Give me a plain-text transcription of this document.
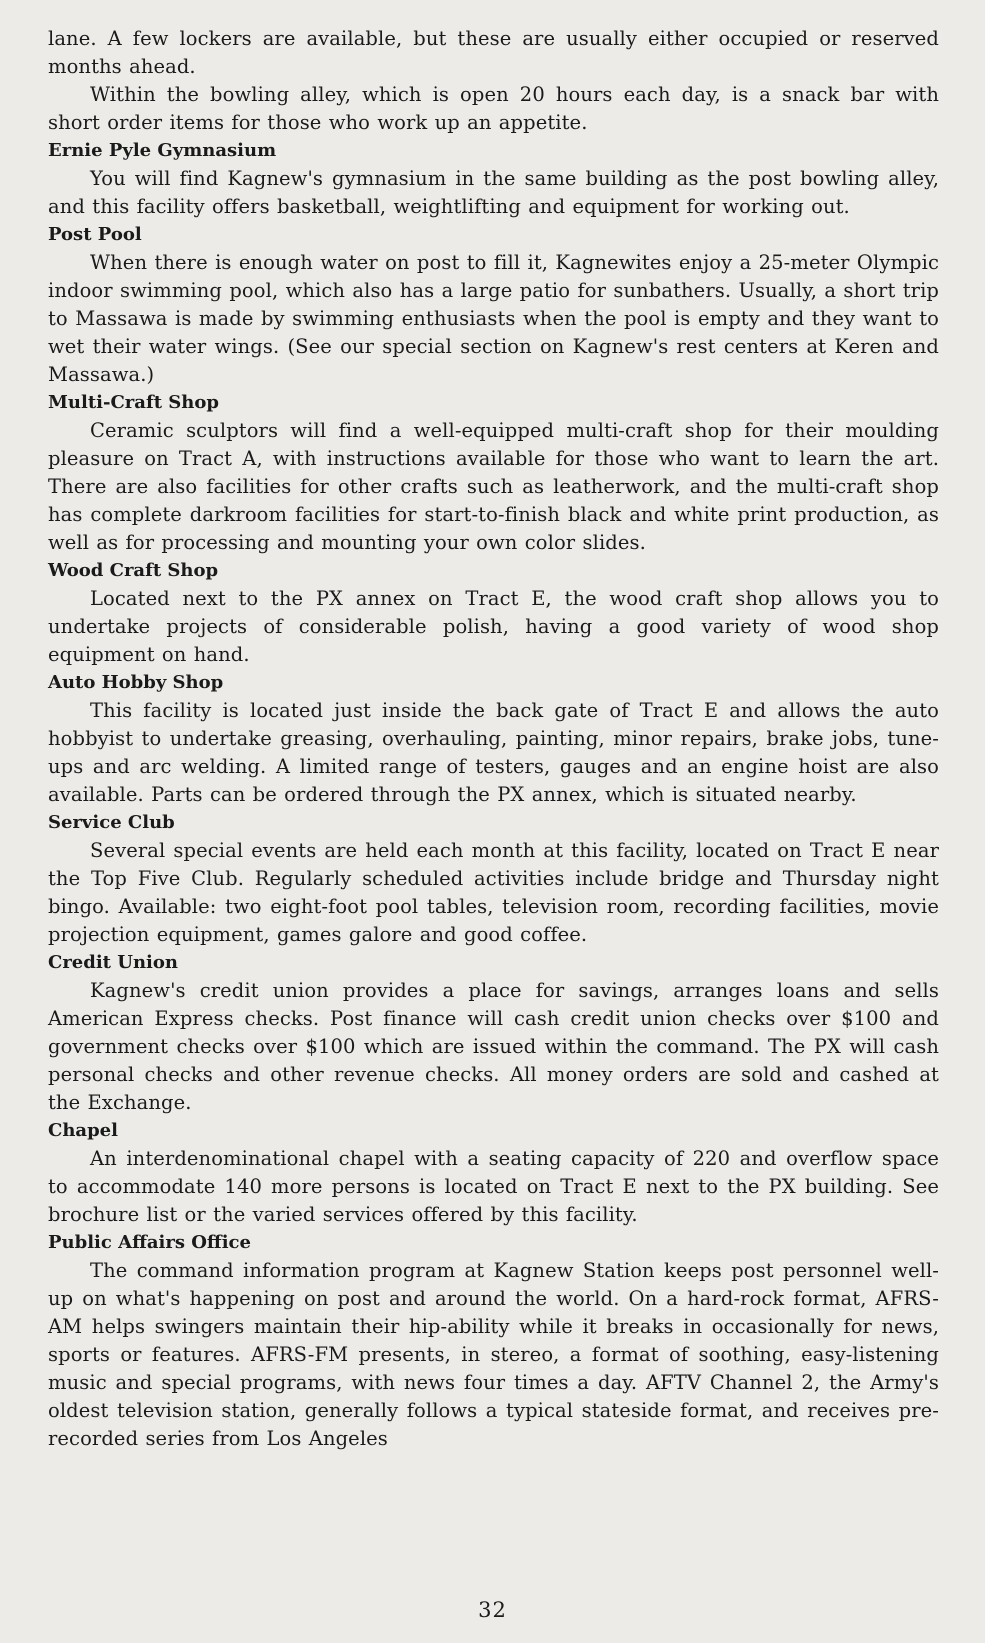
lane. A few lockers are available, but these are usually either occupied or reserved months ahead.

Within the bowling alley, which is open 20 hours each day, is a snack bar with short order items for those who work up an appetite.

Ernie Pyle Gymnasium

You will find Kagnew's gymnasium in the same building as the post bowling alley, and this facility offers basketball, weightlifting and equipment for working out.

Post Pool

When there is enough water on post to fill it, Kagnewites enjoy a 25-meter Olympic indoor swimming pool, which also has a large patio for sunbathers. Usually, a short trip to Massawa is made by swimming enthusiasts when the pool is empty and they want to wet their water wings. (See our special section on Kagnew's rest centers at Keren and Massawa.)

Multi-Craft Shop

Ceramic sculptors will find a well-equipped multi-craft shop for their moulding pleasure on Tract A, with instructions available for those who want to learn the art. There are also facilities for other crafts such as leatherwork, and the multi-craft shop has complete darkroom facilities for start-to-finish black and white print production, as well as for processing and mounting your own color slides.

Wood Craft Shop

Located next to the PX annex on Tract E, the wood craft shop allows you to undertake projects of considerable polish, having a good variety of wood shop equipment on hand.

Auto Hobby Shop

This facility is located just inside the back gate of Tract E and allows the auto hobbyist to undertake greasing, overhauling, painting, minor repairs, brake jobs, tune-ups and arc welding. A limited range of testers, gauges and an engine hoist are also available. Parts can be ordered through the PX annex, which is situated nearby.

Service Club

Several special events are held each month at this facility, located on Tract E near the Top Five Club. Regularly scheduled activities include bridge and Thursday night bingo. Available: two eight-foot pool tables, television room, recording facilities, movie projection equipment, games galore and good coffee.

Credit Union

Kagnew's credit union provides a place for savings, arranges loans and sells American Express checks. Post finance will cash credit union checks over $100 and government checks over $100 which are issued within the command. The PX will cash personal checks and other revenue checks. All money orders are sold and cashed at the Exchange.

Chapel

An interdenominational chapel with a seating capacity of 220 and overflow space to accommodate 140 more persons is located on Tract E next to the PX building. See brochure list or the varied services offered by this facility.

Public Affairs Office

The command information program at Kagnew Station keeps post personnel well-up on what's happening on post and around the world. On a hard-rock format, AFRS-AM helps swingers maintain their hip-ability while it breaks in occasionally for news, sports or features. AFRS-FM presents, in stereo, a format of soothing, easy-listening music and special programs, with news four times a day. AFTV Channel 2, the Army's oldest television station, generally follows a typical stateside format, and receives pre-recorded series from Los Angeles

32
